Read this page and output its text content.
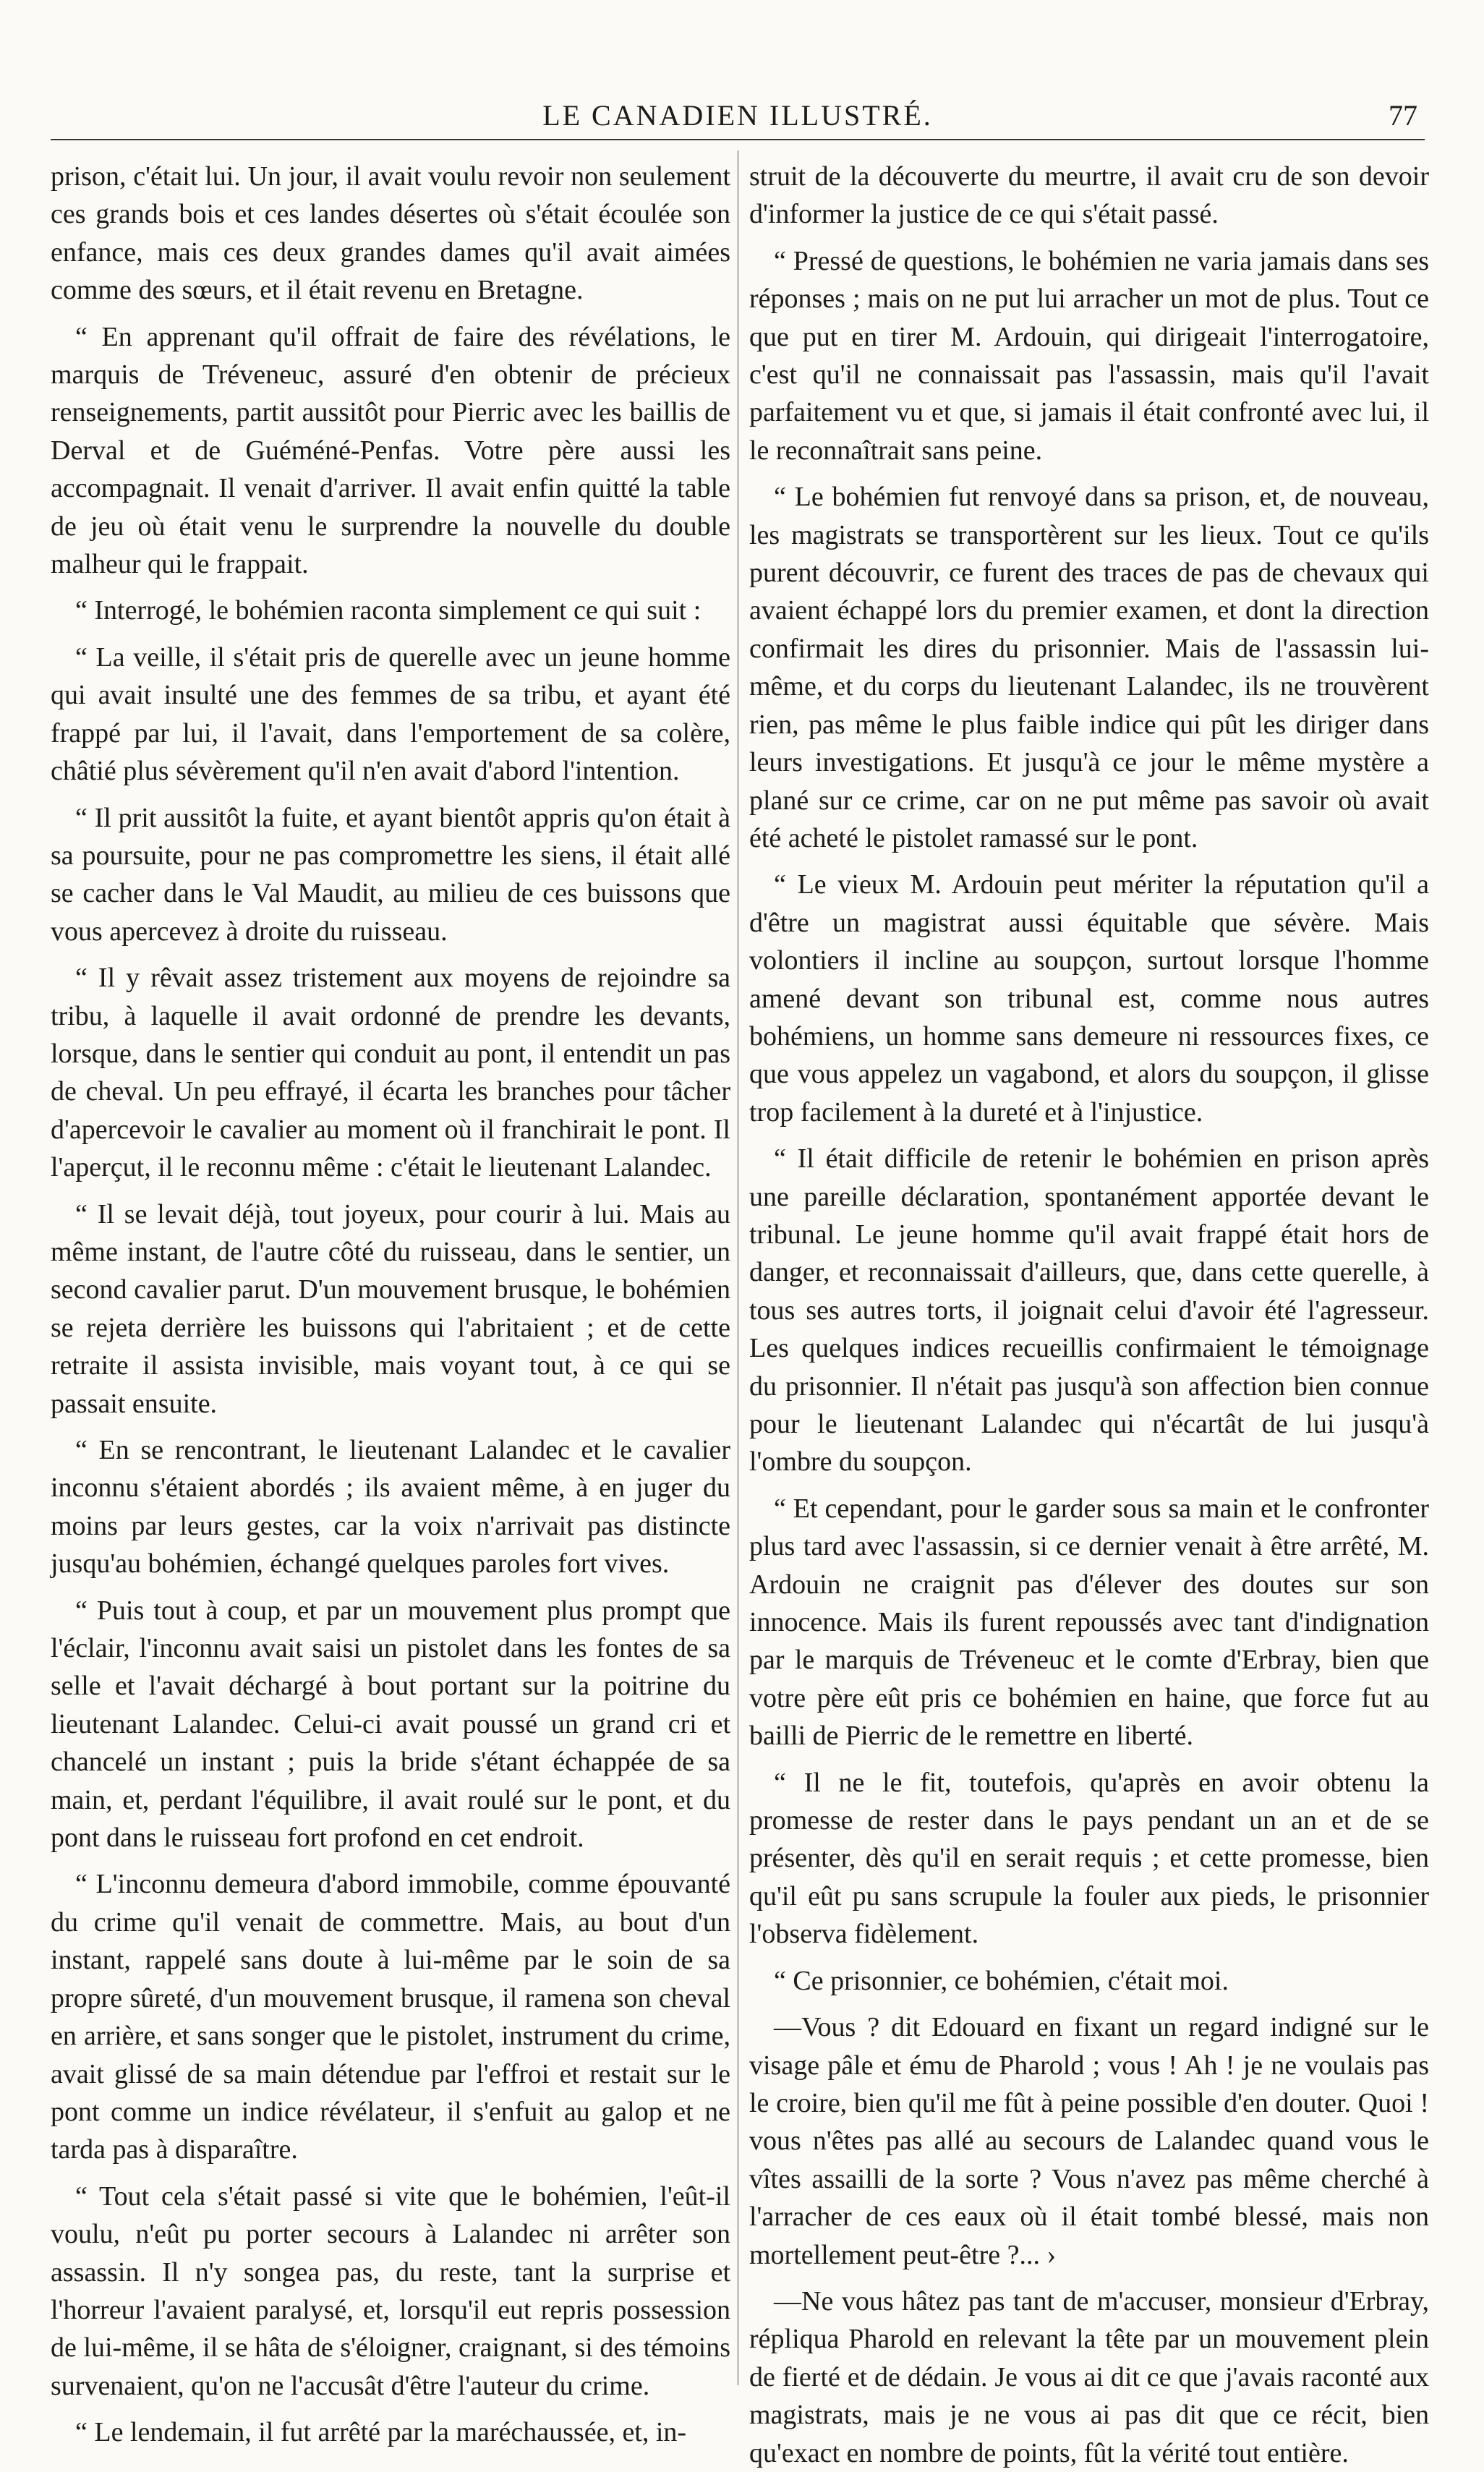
LE CANADIEN ILLUSTRÉ.	77

prison, c'était lui. Un jour, il avait voulu revoir non seulement ces grands bois et ces landes désertes où s'était écoulée son enfance, mais ces deux grandes dames qu'il avait aimées comme des sœurs, et il était revenu en Bretagne.

“ En apprenant qu'il offrait de faire des révélations, le marquis de Tréveneuc, assuré d'en obtenir de précieux renseignements, partit aussitôt pour Pierric avec les baillis de Derval et de Guéméné-Penfas. Votre père aussi les accompagnait. Il venait d'arriver. Il avait enfin quitté la table de jeu où était venu le surprendre la nouvelle du double malheur qui le frappait.

“ Interrogé, le bohémien raconta simplement ce qui suit :

“ La veille, il s'était pris de querelle avec un jeune homme qui avait insulté une des femmes de sa tribu, et ayant été frappé par lui, il l'avait, dans l'emportement de sa colère, châtié plus sévèrement qu'il n'en avait d'abord l'intention.

“ Il prit aussitôt la fuite, et ayant bientôt appris qu'on était à sa poursuite, pour ne pas compromettre les siens, il était allé se cacher dans le Val Maudit, au milieu de ces buissons que vous apercevez à droite du ruisseau.

“ Il y rêvait assez tristement aux moyens de rejoindre sa tribu, à laquelle il avait ordonné de prendre les devants, lorsque, dans le sentier qui conduit au pont, il entendit un pas de cheval. Un peu effrayé, il écarta les branches pour tâcher d'apercevoir le cavalier au moment où il franchirait le pont. Il l'aperçut, il le reconnu même : c'était le lieutenant Lalandec.

“ Il se levait déjà, tout joyeux, pour courir à lui. Mais au même instant, de l'autre côté du ruisseau, dans le sentier, un second cavalier parut. D'un mouvement brusque, le bohémien se rejeta derrière les buissons qui l'abritaient ; et de cette retraite il assista invisible, mais voyant tout, à ce qui se passait ensuite.

“ En se rencontrant, le lieutenant Lalandec et le cavalier inconnu s'étaient abordés ; ils avaient même, à en juger du moins par leurs gestes, car la voix n'arrivait pas distincte jusqu'au bohémien, échangé quelques paroles fort vives.

“ Puis tout à coup, et par un mouvement plus prompt que l'éclair, l'inconnu avait saisi un pistolet dans les fontes de sa selle et l'avait déchargé à bout portant sur la poitrine du lieutenant Lalandec. Celui-ci avait poussé un grand cri et chancelé un instant ; puis la bride s'étant échappée de sa main, et, perdant l'équilibre, il avait roulé sur le pont, et du pont dans le ruisseau fort profond en cet endroit.

“ L'inconnu demeura d'abord immobile, comme épouvanté du crime qu'il venait de commettre. Mais, au bout d'un instant, rappelé sans doute à lui-même par le soin de sa propre sûreté, d'un mouvement brusque, il ramena son cheval en arrière, et sans songer que le pistolet, instrument du crime, avait glissé de sa main détendue par l'effroi et restait sur le pont comme un indice révélateur, il s'enfuit au galop et ne tarda pas à disparaître.

“ Tout cela s'était passé si vite que le bohémien, l'eût-il voulu, n'eût pu porter secours à Lalandec ni arrêter son assassin. Il n'y songea pas, du reste, tant la surprise et l'horreur l'avaient paralysé, et, lorsqu'il eut repris possession de lui-même, il se hâta de s'éloigner, craignant, si des témoins survenaient, qu'on ne l'accusât d'être l'auteur du crime.

“ Le lendemain, il fut arrêté par la maréchaussée, et, in-

struit de la découverte du meurtre, il avait cru de son devoir d'informer la justice de ce qui s'était passé.

“ Pressé de questions, le bohémien ne varia jamais dans ses réponses ; mais on ne put lui arracher un mot de plus. Tout ce que put en tirer M. Ardouin, qui dirigeait l'interrogatoire, c'est qu'il ne connaissait pas l'assassin, mais qu'il l'avait parfaitement vu et que, si jamais il était confronté avec lui, il le reconnaîtrait sans peine.

“ Le bohémien fut renvoyé dans sa prison, et, de nouveau, les magistrats se transportèrent sur les lieux. Tout ce qu'ils purent découvrir, ce furent des traces de pas de chevaux qui avaient échappé lors du premier examen, et dont la direction confirmait les dires du prisonnier. Mais de l'assassin lui-même, et du corps du lieutenant Lalandec, ils ne trouvèrent rien, pas même le plus faible indice qui pût les diriger dans leurs investigations. Et jusqu'à ce jour le même mystère a plané sur ce crime, car on ne put même pas savoir où avait été acheté le pistolet ramassé sur le pont.

“ Le vieux M. Ardouin peut mériter la réputation qu'il a d'être un magistrat aussi équitable que sévère. Mais volontiers il incline au soupçon, surtout lorsque l'homme amené devant son tribunal est, comme nous autres bohémiens, un homme sans demeure ni ressources fixes, ce que vous appelez un vagabond, et alors du soupçon, il glisse trop facilement à la dureté et à l'injustice.

“ Il était difficile de retenir le bohémien en prison après une pareille déclaration, spontanément apportée devant le tribunal. Le jeune homme qu'il avait frappé était hors de danger, et reconnaissait d'ailleurs, que, dans cette querelle, à tous ses autres torts, il joignait celui d'avoir été l'agresseur. Les quelques indices recueillis confirmaient le témoignage du prisonnier. Il n'était pas jusqu'à son affection bien connue pour le lieutenant Lalandec qui n'écartât de lui jusqu'à l'ombre du soupçon.

“ Et cependant, pour le garder sous sa main et le confronter plus tard avec l'assassin, si ce dernier venait à être arrêté, M. Ardouin ne craignit pas d'élever des doutes sur son innocence. Mais ils furent repoussés avec tant d'indignation par le marquis de Tréveneuc et le comte d'Erbray, bien que votre père eût pris ce bohémien en haine, que force fut au bailli de Pierric de le remettre en liberté.

“ Il ne le fit, toutefois, qu'après en avoir obtenu la promesse de rester dans le pays pendant un an et de se présenter, dès qu'il en serait requis ; et cette promesse, bien qu'il eût pu sans scrupule la fouler aux pieds, le prisonnier l'observa fidèlement.

“ Ce prisonnier, ce bohémien, c'était moi.

—Vous ? dit Edouard en fixant un regard indigné sur le visage pâle et ému de Pharold ; vous ! Ah ! je ne voulais pas le croire, bien qu'il me fût à peine possible d'en douter. Quoi ! vous n'êtes pas allé au secours de Lalandec quand vous le vîtes assailli de la sorte ? Vous n'avez pas même cherché à l'arracher de ces eaux où il était tombé blessé, mais non mortellement peut-être ?... ›

—Ne vous hâtez pas tant de m'accuser, monsieur d'Erbray, répliqua Pharold en relevant la tête par un mouvement plein de fierté et de dédain. Je vous ai dit ce que j'avais raconté aux magistrats, mais je ne vous ai pas dit que ce récit, bien qu'exact en nombre de points, fût la vérité tout entière.
